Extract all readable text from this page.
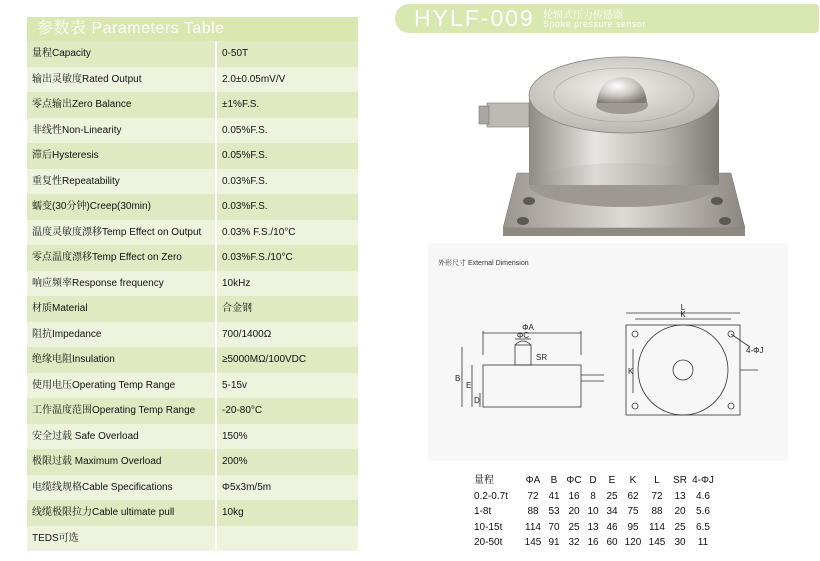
参数表 Parameters Table
量程Capacity	0-50T
输出灵敏度Rated Output	2.0±0.05mV/V
零点输出Zero Balance	±1%F.S.
非线性Non-Linearity	0.05%F.S.
滞后Hysteresis	0.05%F.S.
重复性Repeatability	0.03%F.S.
蠕变(30分钟)Creep(30min)	0.03%F.S.
温度灵敏度漂移Temp Effect on Output	0.03% F.S./10°C
零点温度漂移Temp Effect on Zero	0.03%F.S./10°C
响应频率Response frequency	10kHz
材质Material	合金钢
阻抗Impedance	700/1400Ω
绝缘电阻Insulation	≥5000MΩ/100VDC
使用电压Operating Temp Range	5-15v
工作温度范围Operating Temp Range	-20-80°C
安全过载 Safe Overload	150%
极限过载 Maximum Overload	200%
电缆线规格Cable Specifications	Φ5x3m/5m
线缆极限拉力Cable ultimate pull	10kg
TEDS可选
HYLF-009 轮辐式压力传感器
Spoke pressure sensor
外形尺寸 External Dimension
ΦA
ΦC
SR
B
E
D
L
K
K
4-ΦJ
量程	ΦA	B ΦC D	E	K	L	SR 4-ΦJ
0.2-0.7t	72 41 16	8	25 62	72	13	4.6
1-8t	88 53 20 10 34 75	88	20	5.6
10-15t	114 70 25 13 46 95	114 25	6.5
20-50t	145 91 32 16 60 120 145 30	11
